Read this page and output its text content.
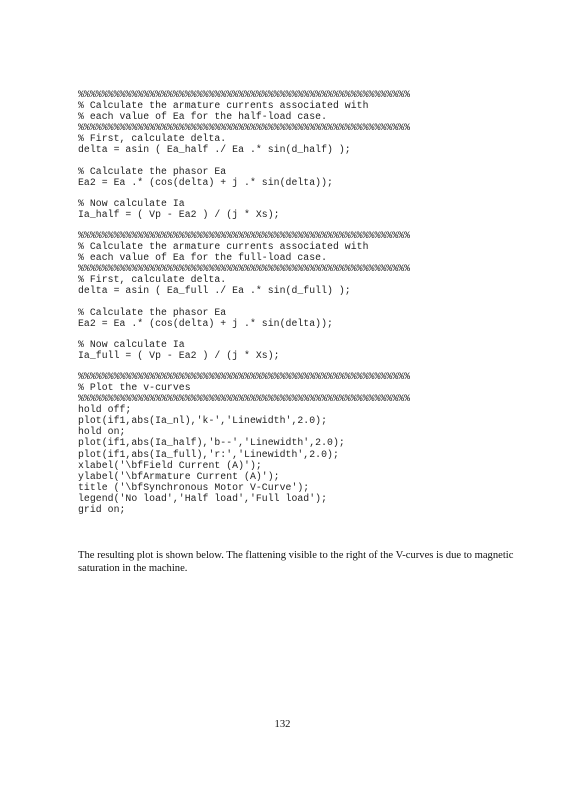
%%%%%%%%%%%%%%%%%%%%%%%%%%%%%%%%%%%%%%%%%%%%%%%%%%%%%%%%
% Calculate the armature currents associated with
% each value of Ea for the half-load case.
%%%%%%%%%%%%%%%%%%%%%%%%%%%%%%%%%%%%%%%%%%%%%%%%%%%%%%%%
% First, calculate delta.
delta = asin ( Ea_half ./ Ea .* sin(d_half) );
% Calculate the phasor Ea
Ea2 = Ea .* (cos(delta) + j .* sin(delta));
% Now calculate Ia
Ia_half = ( Vp - Ea2 ) / (j * Xs);
%%%%%%%%%%%%%%%%%%%%%%%%%%%%%%%%%%%%%%%%%%%%%%%%%%%%%%%%
% Calculate the armature currents associated with
% each value of Ea for the full-load case.
%%%%%%%%%%%%%%%%%%%%%%%%%%%%%%%%%%%%%%%%%%%%%%%%%%%%%%%%
% First, calculate delta.
delta = asin ( Ea_full ./ Ea .* sin(d_full) );
% Calculate the phasor Ea
Ea2 = Ea .* (cos(delta) + j .* sin(delta));
% Now calculate Ia
Ia_full = ( Vp - Ea2 ) / (j * Xs);
%%%%%%%%%%%%%%%%%%%%%%%%%%%%%%%%%%%%%%%%%%%%%%%%%%%%%%%%
% Plot the v-curves
%%%%%%%%%%%%%%%%%%%%%%%%%%%%%%%%%%%%%%%%%%%%%%%%%%%%%%%%
hold off;
plot(if1,abs(Ia_nl),'k-','Linewidth',2.0);
hold on;
plot(if1,abs(Ia_half),'b--','Linewidth',2.0);
plot(if1,abs(Ia_full),'r:','Linewidth',2.0);
xlabel('\bfField Current (A)');
ylabel('\bfArmature Current (A)');
title ('\bfSynchronous Motor V-Curve');
legend('No load','Half load','Full load');
grid on;

The resulting plot is shown below. The flattening visible to the right of the V-curves is due to magnetic saturation in the machine.

132
